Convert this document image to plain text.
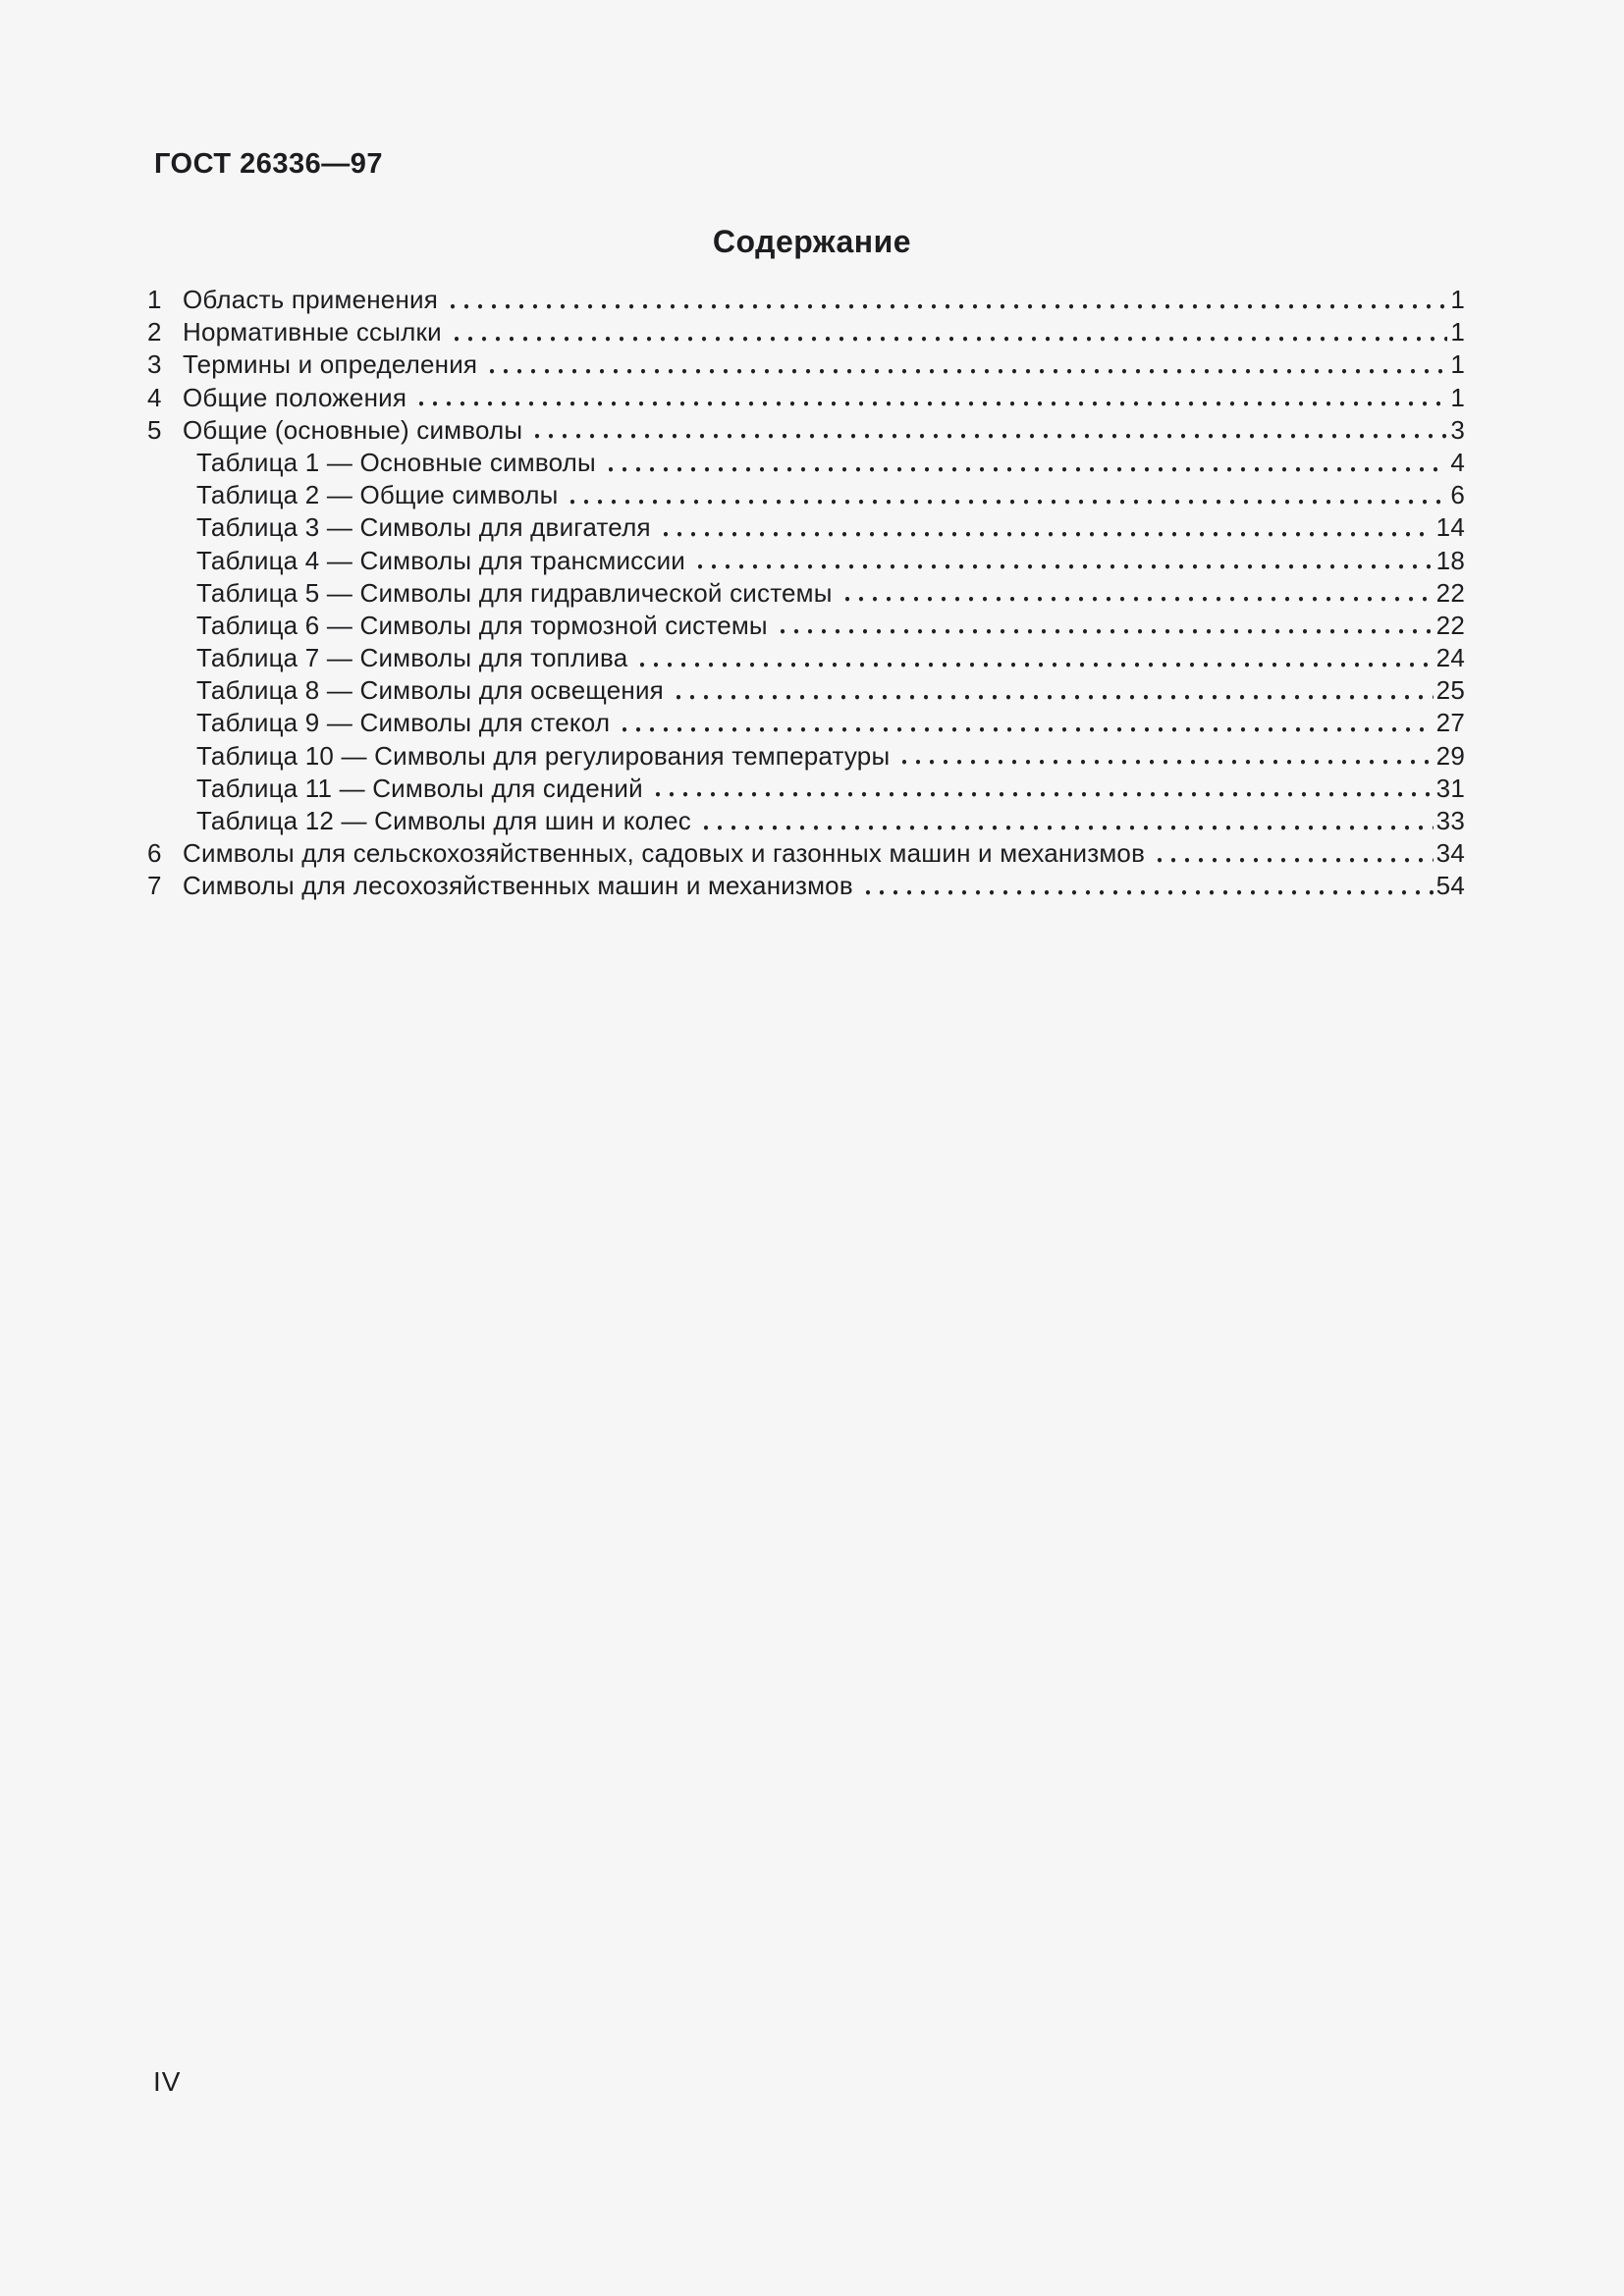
ГОСТ 26336—97
Содержание
1 Область применения	1
2 Нормативные ссылки	1
3 Термины и определения	1
4 Общие положения	1
5 Общие (основные) символы	3
Таблица 1 — Основные символы	4
Таблица 2 — Общие символы	6
Таблица 3 — Символы для двигателя	14
Таблица 4 — Символы для трансмиссии	18
Таблица 5 — Символы для гидравлической системы	22
Таблица 6 — Символы для тормозной системы	22
Таблица 7 — Символы для топлива	24
Таблица 8 — Символы для освещения	25
Таблица 9 — Символы для стекол	27
Таблица 10 — Символы для регулирования температуры	29
Таблица 11 — Символы для сидений	31
Таблица 12 — Символы для шин и колес	33
6 Символы для сельскохозяйственных, садовых и газонных машин и механизмов	34
7 Символы для лесохозяйственных машин и механизмов	54
IV
